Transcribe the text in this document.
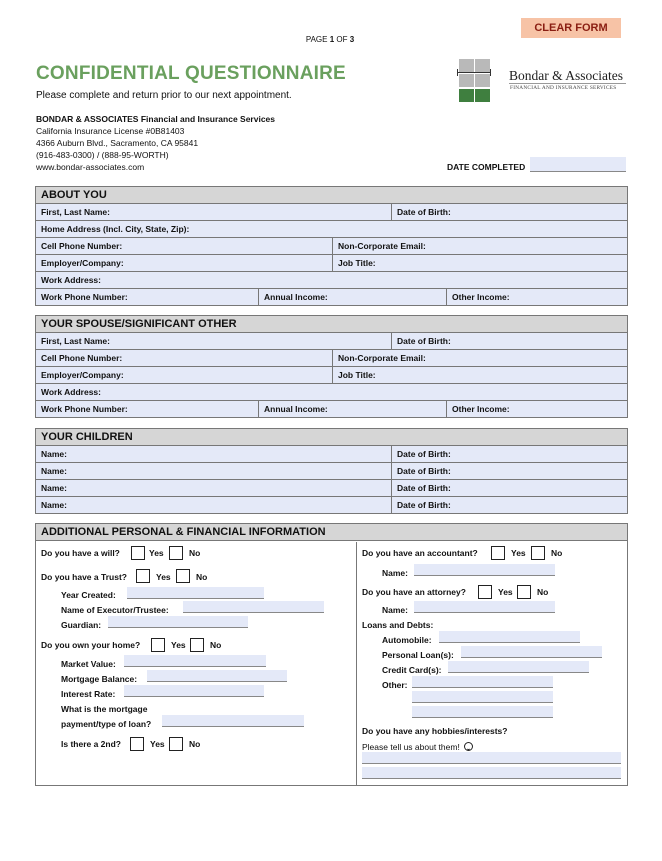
CLEAR FORM
PAGE 1 OF 3
CONFIDENTIAL QUESTIONNAIRE
Please complete and return prior to our next appointment.
BONDAR & ASSOCIATES Financial and Insurance Services
California Insurance License #0B81403
4366 Auburn Blvd., Sacramento, CA 95841
(916-483-0300) / (888-95-WORTH)
www.bondar-associates.com
Bondar & Associates
FINANCIAL AND INSURANCE SERVICES
DATE COMPLETED
ABOUT YOU
First, Last Name:	Date of Birth:
Home Address (Incl. City, State, Zip):
Cell Phone Number:	Non-Corporate Email:
Employer/Company:	Job Title:
Work Address:
Work Phone Number:	Annual Income:	Other Income:
YOUR SPOUSE/SIGNIFICANT OTHER
First, Last Name:	Date of Birth:
Cell Phone Number:	Non-Corporate Email:
Employer/Company:	Job Title:
Work Address:
Work Phone Number:	Annual Income:	Other Income:
YOUR CHILDREN
Name:	Date of Birth:
Name:	Date of Birth:
Name:	Date of Birth:
Name:	Date of Birth:
ADDITIONAL PERSONAL & FINANCIAL INFORMATION
Do you have a will?	Yes	No
Do you have a Trust?	Yes	No
Year Created:
Name of Executor/Trustee:
Guardian:
Do you own your home?	Yes	No
Market Value:
Mortgage Balance:
Interest Rate:
What is the mortgage
payment/type of loan?
Is there a 2nd?	Yes	No
Do you have an accountant?	Yes	No
Name:
Do you have an attorney?	Yes	No
Name:
Loans and Debts:
Automobile:
Personal Loan(s):
Credit Card(s):
Other:
Do you have any hobbies/interests?
Please tell us about them!
